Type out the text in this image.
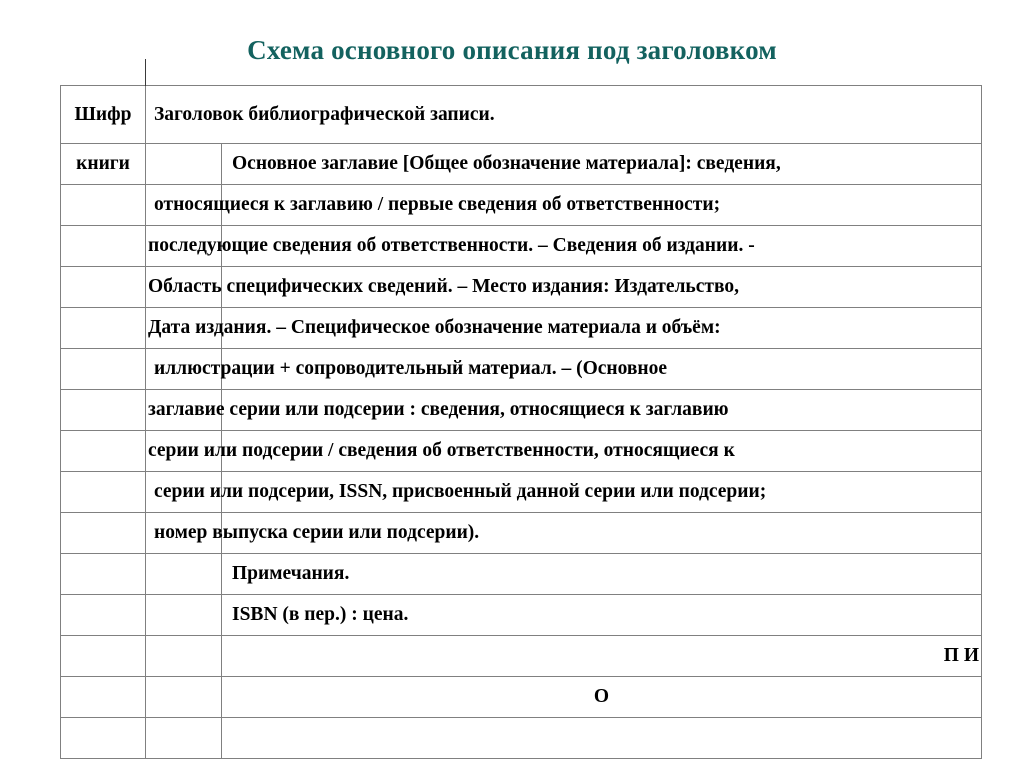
Схема основного описания под заголовком
Шифр	Заголовок библиографической записи.	
книги		Основное заглавие [Общее обозначение материала]: сведения,
		относящиеся к заглавию / первые сведения об ответственности;
		последующие сведения об ответственности. – Сведения об издании. -
		Область специфических сведений. – Место издания: Издательство,
		Дата издания. – Специфическое обозначение материала и объём:
		иллюстрации + сопроводительный материал. – (Основное
		заглавие серии или подсерии : сведения, относящиеся к заглавию
		серии или подсерии / сведения об ответственности, относящиеся к
		серии или подсерии, ISSN, присвоенный данной серии или подсерии;
		номер выпуска серии или подсерии).
		Примечания.
		ISBN (в пер.) : цена.
		П И
		О
